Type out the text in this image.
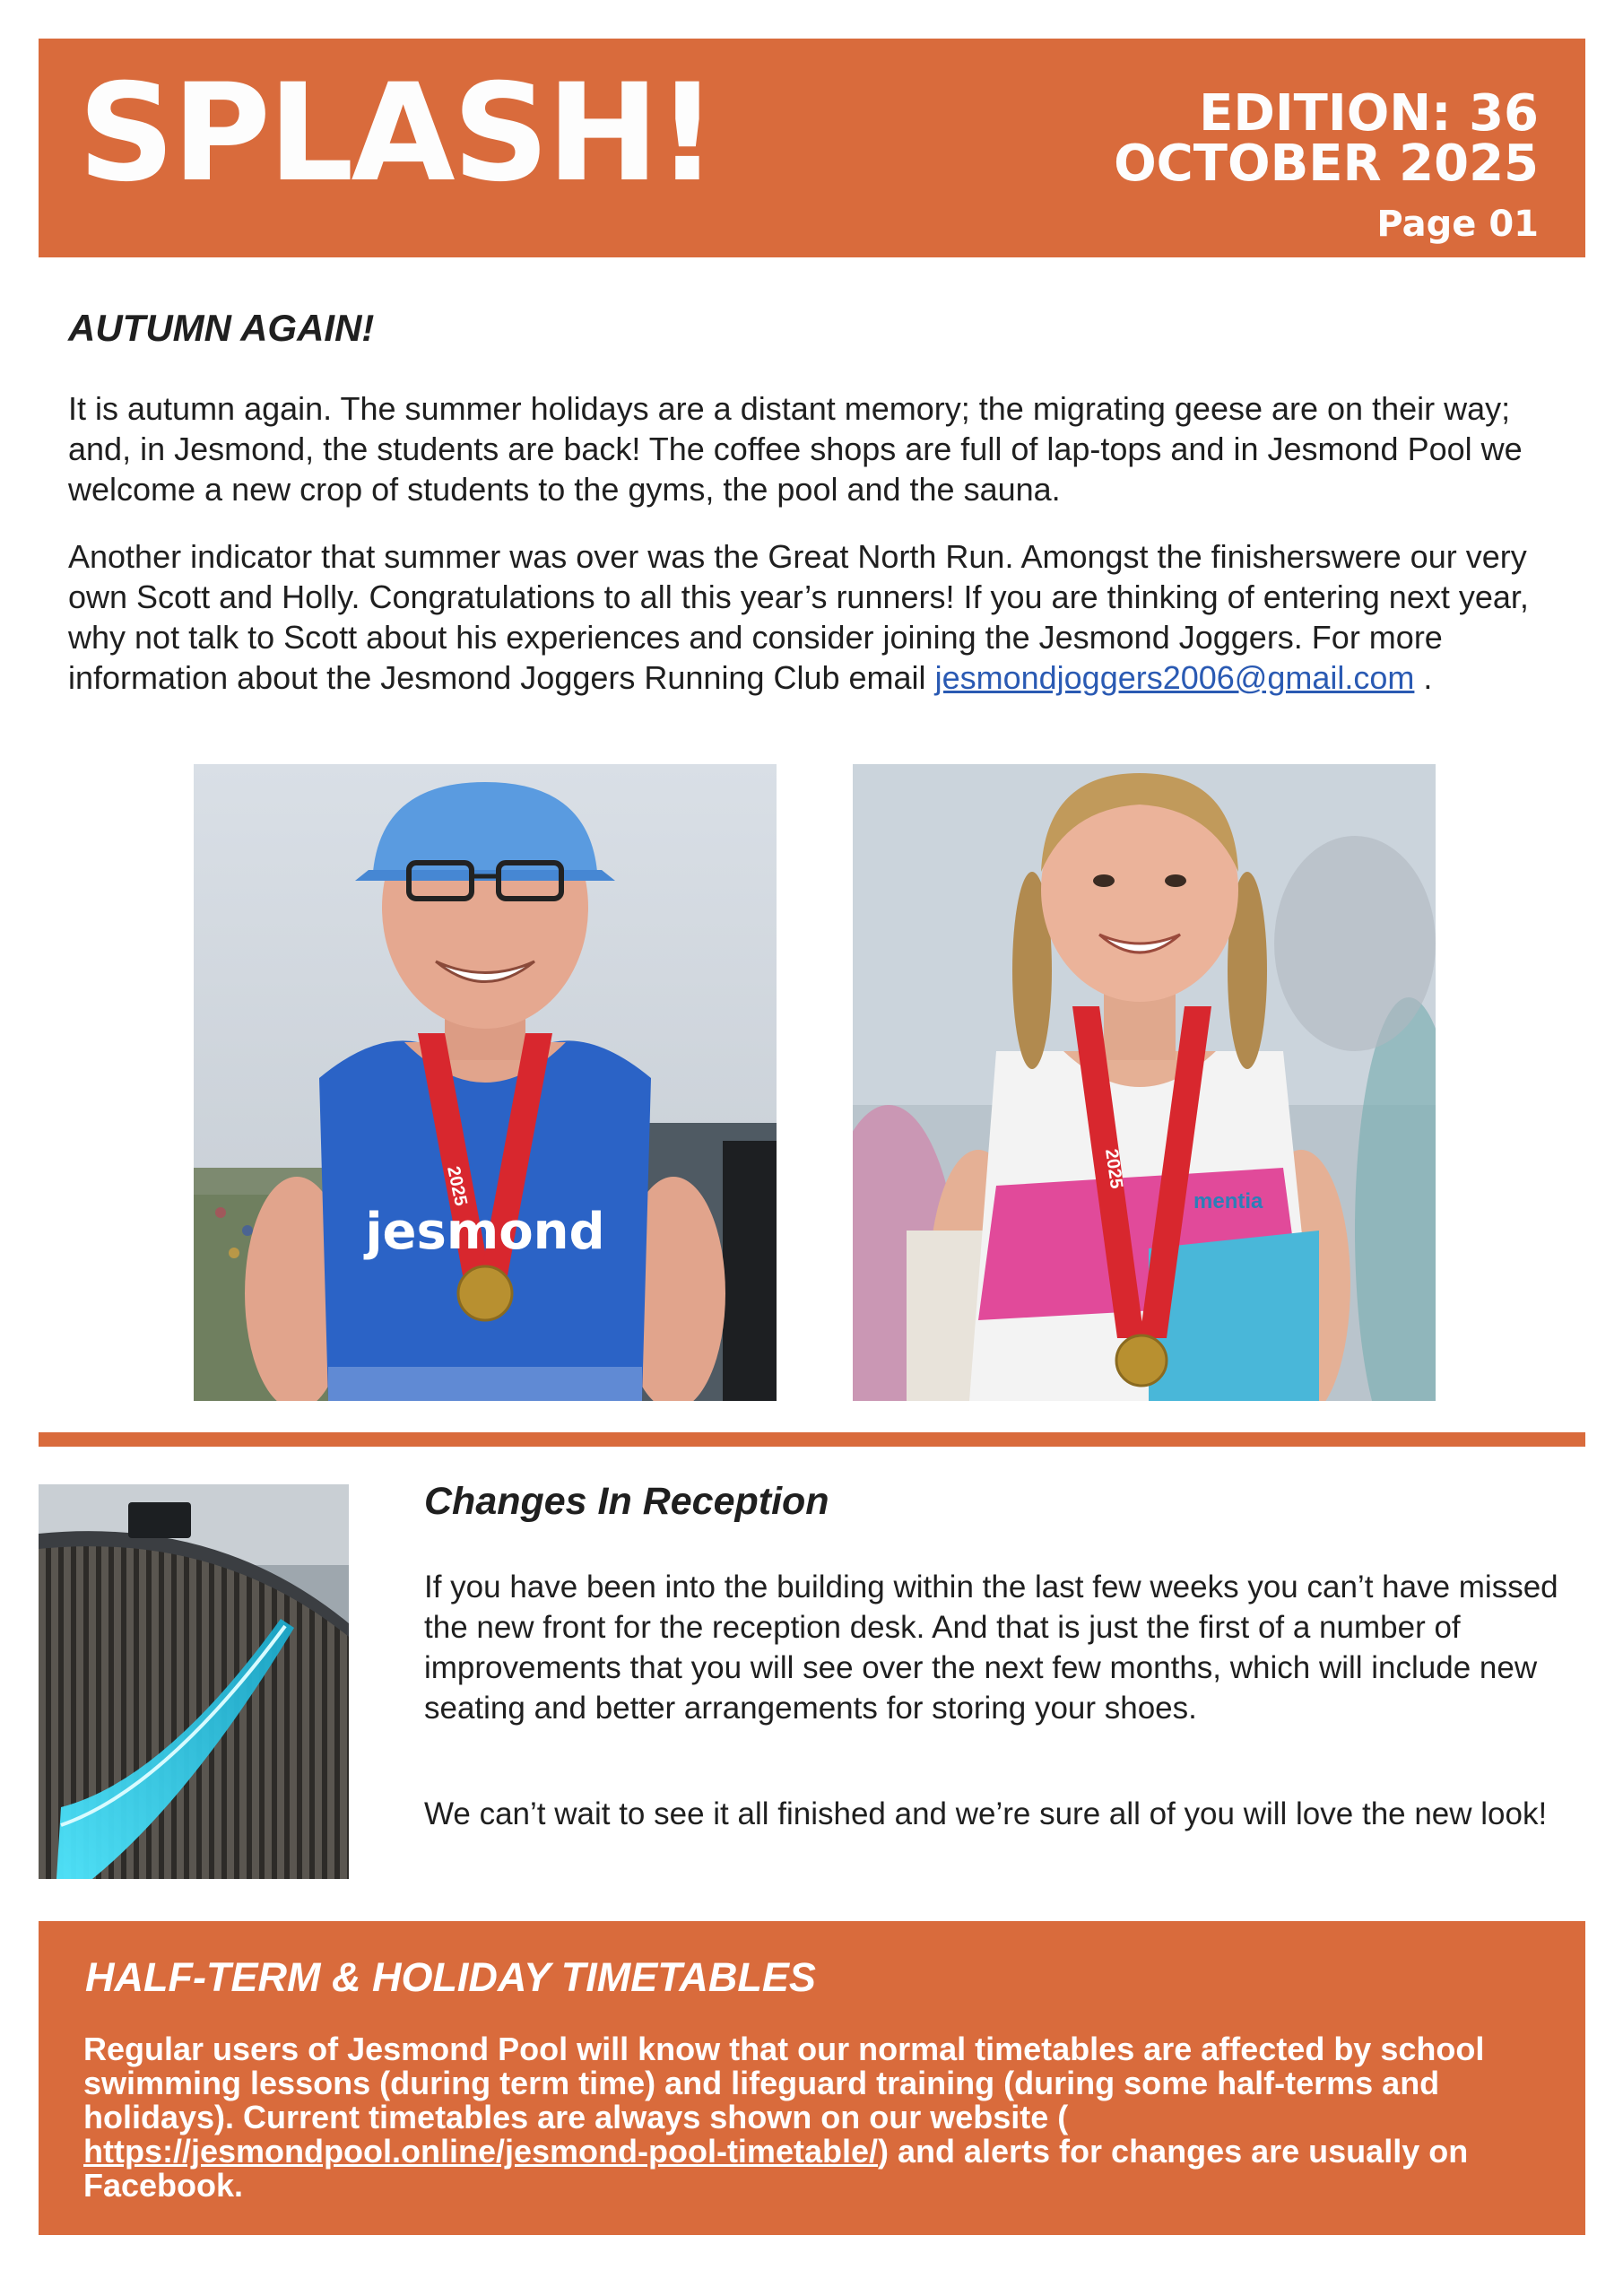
SPLASH!	EDITION: 36
OCTOBER 2025
Page 01
AUTUMN AGAIN!

It is autumn again. The summer holidays are a distant memory; the migrating geese are on their way; and, in Jesmond, the students are back! The coffee shops are full of lap-tops and in Jesmond Pool we welcome a new crop of students to the gyms, the pool and the sauna.

Another indicator that summer was over was the Great North Run. Amongst the finisherswere our very own Scott and Holly. Congratulations to all this year’s runners! If you are thinking of entering next year, why not talk to Scott about his experiences and consider joining the Jesmond Joggers. For more information about the Jesmond Joggers Running Club email jesmondjoggers2006@gmail.com .

2025
jesmond
2025
mentia
Changes In Reception

If you have been into the building within the last few weeks you can’t have missed the new front for the reception desk. And that is just the first of a number of improvements that you will see over the next few months, which will include new seating and better arrangements for storing your shoes.

We can’t wait to see it all finished and we’re sure all of you will love the new look!

HALF-TERM & HOLIDAY TIMETABLES

Regular users of Jesmond Pool will know that our normal timetables are affected by school swimming lessons (during term time) and lifeguard training (during some half-terms and holidays). Current timetables are always shown on our website ( https://jesmondpool.online/jesmond-pool-timetable/) and alerts for changes are usually on Facebook.
